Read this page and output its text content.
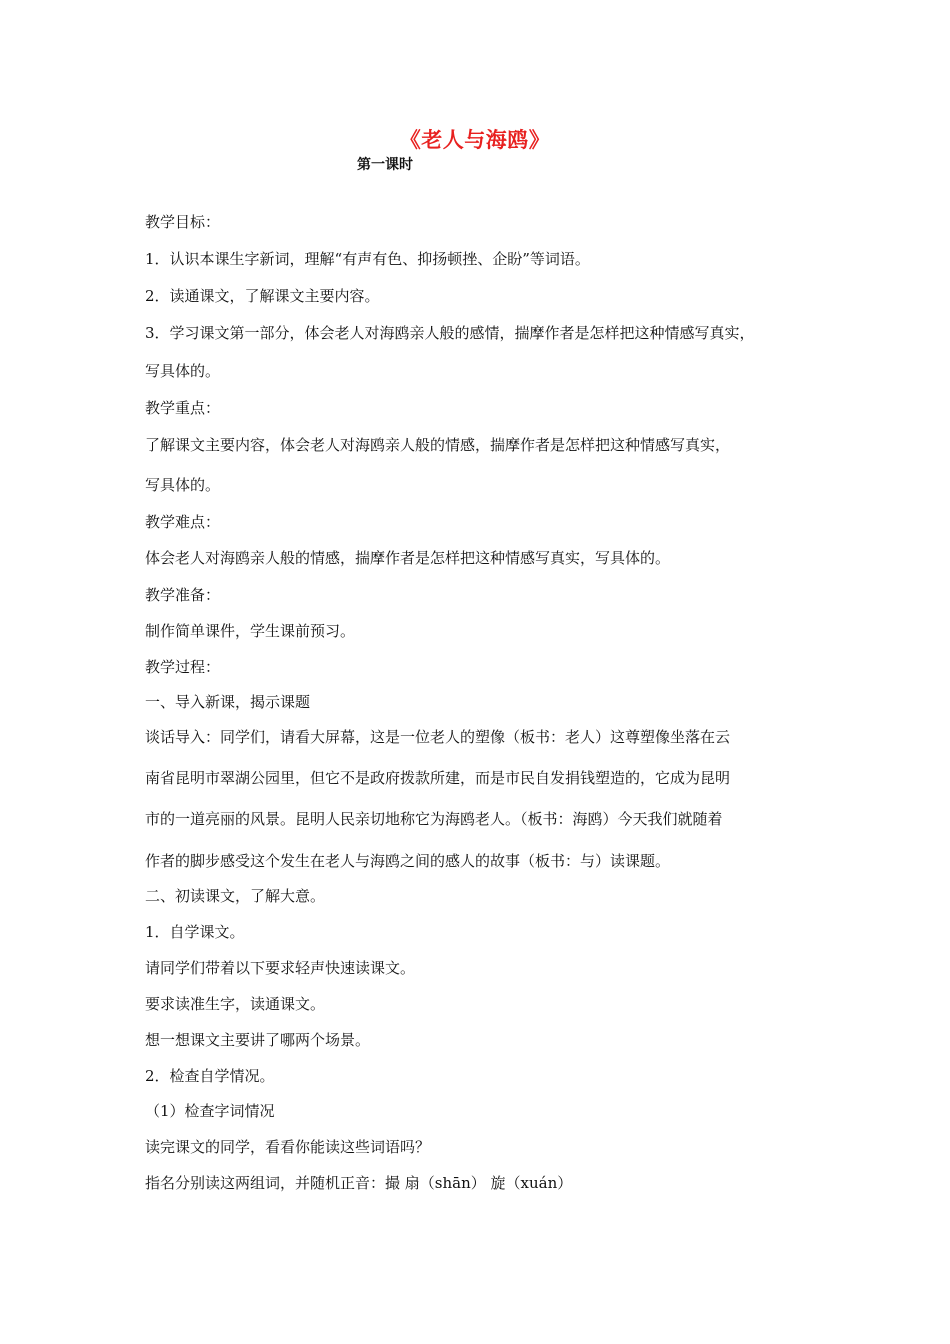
《老人与海鸥》
第一课时
教学目标：
1．认识本课生字新词，理解“有声有色、抑扬顿挫、企盼”等词语。
2．读通课文，了解课文主要内容。
3．学习课文第一部分，体会老人对海鸥亲人般的感情，揣摩作者是怎样把这种情感写真实，
写具体的。
教学重点：
了解课文主要内容，体会老人对海鸥亲人般的情感，揣摩作者是怎样把这种情感写真实，
写具体的。
教学难点：
体会老人对海鸥亲人般的情感，揣摩作者是怎样把这种情感写真实，写具体的。
教学准备：
制作简单课件，学生课前预习。
教学过程：
一、导入新课，揭示课题
谈话导入：同学们，请看大屏幕，这是一位老人的塑像（板书：老人）这尊塑像坐落在云
南省昆明市翠湖公园里，但它不是政府拨款所建，而是市民自发捐钱塑造的，它成为昆明
市的一道亮丽的风景。昆明人民亲切地称它为海鸥老人。（板书：海鸥）今天我们就随着
作者的脚步感受这个发生在老人与海鸥之间的感人的故事（板书：与）读课题。
二、初读课文，了解大意。
1．自学课文。
请同学们带着以下要求轻声快速读课文。
要求读准生字，读通课文。
想一想课文主要讲了哪两个场景。
2．检查自学情况。
（1）检查字词情况
读完课文的同学，看看你能读这些词语吗？
指名分别读这两组词，并随机正音：撮 扇（shān） 旋（xuán）
